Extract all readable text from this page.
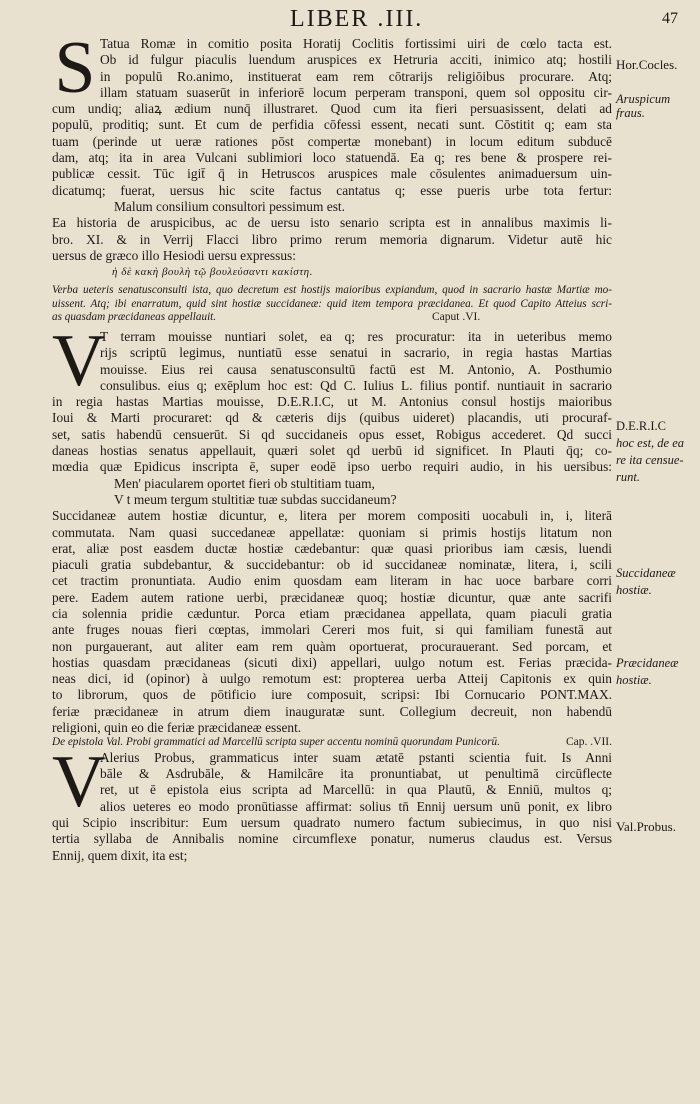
LIBER .III.	47
S Tatua Romæ in comitio posita Horatij Coclitis fortissimi uiri de cœlo tacta est.
Ob id fulgur piaculis luendum aruspices ex Hetruria acciti, inimico atq; hostili
in populū Ro.animo, instituerat eam rem cōtrarijs religiōibus procurare. Atq;
illam statuam suaserūt in inferiorē locum perperam transponi, quem sol oppositu cir-
cum undiq; aliaꝝ ædium nunq̄ illustraret. Quod cum ita fieri persuasissent, delati ad
populū, proditiq; sunt. Et cum de perfidia cōfessi essent, necati sunt. Cōstitit q; eam sta
tuam (perinde ut ueræ rationes pōst compertæ monebant) in locum editum subducē
dam, atq; ita in area Vulcani sublimiori loco statuendā. Ea q; res bene & prospere rei-
publicæ cessit. Tūc igit̄ q̄ in Hetruscos aruspices male cōsulentes animaduersum uin-
dicatumq; fuerat, uersus hic scite factus cantatus q; esse pueris urbe tota fertur:
Malum consilium consultori pessimum est.
Ea historia de aruspicibus, ac de uersu isto senario scripta est in annalibus maximis li-
bro. XI. & in Verrij Flacci libro primo rerum memoria dignarum. Videtur autē hic
uersus de græco illo Hesiodi uersu expressus:
ἡ δὲ κακὴ βουλὴ τῷ βουλεύσαντι κακίστη.
Verba ueteris senatusconsulti ista, quo decretum est hostijs maioribus expiandum, quod in sacrario hastæ Martiæ mo-
uissent. Atq; ibi enarratum, quid sint hostiæ succidaneæ: quid item tempora præcidanea. Et quod Capito Atteius scri-
as quasdam præcidaneas appellauit.	Caput .VI.
V
T terram mouisse nuntiari solet, ea q; res procuratur: ita in ueteribus memo
rijs scriptū legimus, nuntiatū esse senatui in sacrario, in regia hastas Martias
mouisse. Eius rei causa senatusconsultū factū est M. Antonio, A. Posthumio
consulibus. eius q; exēplum hoc est: Qd C. Iulius L. filius pontif. nuntiauit in sacrario
in regia hastas Martias mouisse, D.E.R.I.C, ut M. Antonius consul hostijs maioribus
Ioui & Marti procuraret: qd & cæteris dijs (quibus uideret) placandis, uti procuraf-
set, satis habendū censuerūt. Si qd succidaneis opus esset, Robigus accederet. Qd succi
daneas hostias senatus appellauit, quæri solet qd uerbū id significet. In Plauti q̄q; co-
mœdia quæ Epidicus inscripta ē, super eodē ipso uerbo requiri audio, in his uersibus:
Men' piacularem oportet fieri ob stultitiam tuam,
V t meum tergum stultitiæ tuæ subdas succidaneum?
Succidaneæ autem hostiæ dicuntur, e, litera per morem compositi uocabuli in, i, literā
commutata. Nam quasi succedaneæ appellatæ: quoniam si primis hostijs litatum non
erat, aliæ post easdem ductæ hostiæ cædebantur: quæ quasi prioribus iam cæsis, luendi
piaculi gratia subdebantur, & succidebantur: ob id succidaneæ nominatæ, litera, i, scili
cet tractim pronuntiata. Audio enim quosdam eam literam in hac uoce barbare corri
pere. Eadem autem ratione uerbi, præcidaneæ quoq; hostiæ dicuntur, quæ ante sacrifi
cia solennia pridie cæduntur. Porca etiam præcidanea appellata, quam piaculi gratia
ante fruges nouas fieri cœptas, immolari Cereri mos fuit, si qui familiam funestā aut
non purgauerant, aut aliter eam rem quàm oportuerat, procurauerant. Sed porcam, et
hostias quasdam præcidaneas (sicuti dixi) appellari, uulgo notum est. Ferias præcida-
neas dici, id (opinor) à uulgo remotum est: propterea uerba Atteij Capitonis ex quin
to librorum, quos de pōtificio iure composuit, scripsi: Ibi Cornucario PONT.MAX.
feriæ præcidaneæ in atrum diem inauguratæ sunt. Collegium decreuit, non habendū
religioni, quin eo die feriæ præcidaneæ essent.
De epistola Val. Probi grammatici ad Marcellū scripta super accentu nominū quorundam Punicorū.	Cap. .VII.
V
Alerius Probus, grammaticus inter suam ætatē pstanti scientia fuit. Is Anni
bāle & Asdrubāle, & Hamilcāre ita pronuntiabat, ut penultimā circūflecte
ret, ut ē epistola eius scripta ad Marcellū: in qua Plautū, & Enniū, multos q;
alios ueteres eo modo pronūtiasse affirmat: solius tn̄ Ennij uersum unū ponit, ex libro
qui Scipio inscribitur: Eum uersum quadrato numero factum subiecimus, in quo nisi
tertia syllaba de Annibalis nomine circumflexe ponatur, numerus claudus est. Versus
Ennij, quem dixit, ita est;
Hor.Cocles.
Aruspicum
fraus.
D.E.R.I.C
hoc est, de ea
re ita censue-
runt.
Succidaneæ
hostiæ.
Præcidaneæ
hostiæ.
Val.Probus.
